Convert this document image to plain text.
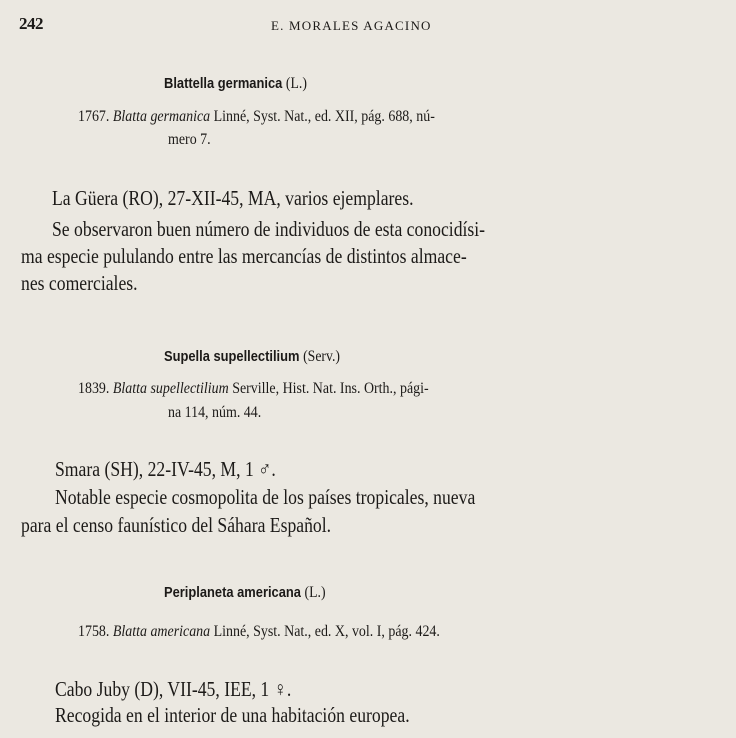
242	E. MORALES AGACINO
Blattella germanica (L.)
1767. Blatta germanica Linné, Syst. Nat., ed. XII, pág. 688, nú-
mero 7.
La Güera (RO), 27-XII-45, MA, varios ejemplares.
Se observaron buen número de individuos de esta conocidísi-
ma especie pululando entre las mercancías de distintos almace-
nes comerciales.
Supella supellectilium (Serv.)
1839. Blatta supellectilium Serville, Hist. Nat. Ins. Orth., pági-
na 114, núm. 44.
Smara (SH), 22-IV-45, M, 1 ♂.
Notable especie cosmopolita de los países tropicales, nueva
para el censo faunístico del Sáhara Español.
Periplaneta americana (L.)
1758. Blatta americana Linné, Syst. Nat., ed. X, vol. I, pág. 424.
Cabo Juby (D), VII-45, IEE, 1 ♀.
Recogida en el interior de una habitación europea.
